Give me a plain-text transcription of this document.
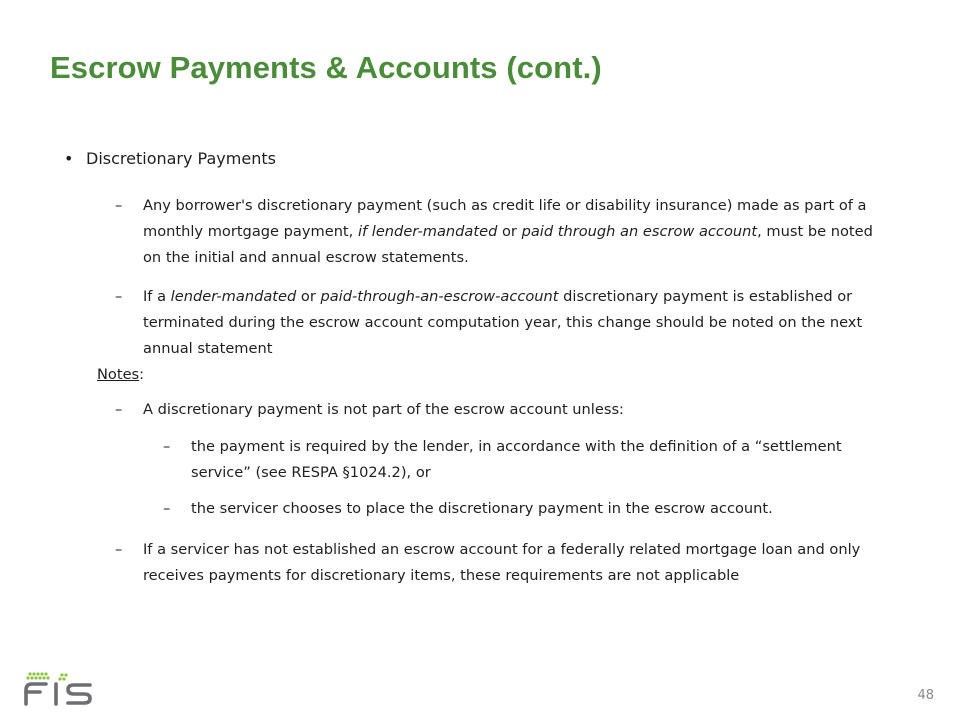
Escrow Payments & Accounts (cont.)
• Discretionary Payments
– Any borrower's discretionary payment (such as credit life or disability insurance) made as part of a monthly mortgage payment, if lender-mandated or paid through an escrow account, must be noted on the initial and annual escrow statements.
– If a lender-mandated or paid-through-an-escrow-account discretionary payment is established or terminated during the escrow account computation year, this change should be noted on the next annual statement
Notes:
– A discretionary payment is not part of the escrow account unless:
– the payment is required by the lender, in accordance with the definition of a “settlement service” (see RESPA §1024.2), or
– the servicer chooses to place the discretionary payment in the escrow account.
– If a servicer has not established an escrow account for a federally related mortgage loan and only receives payments for discretionary items, these requirements are not applicable
48
